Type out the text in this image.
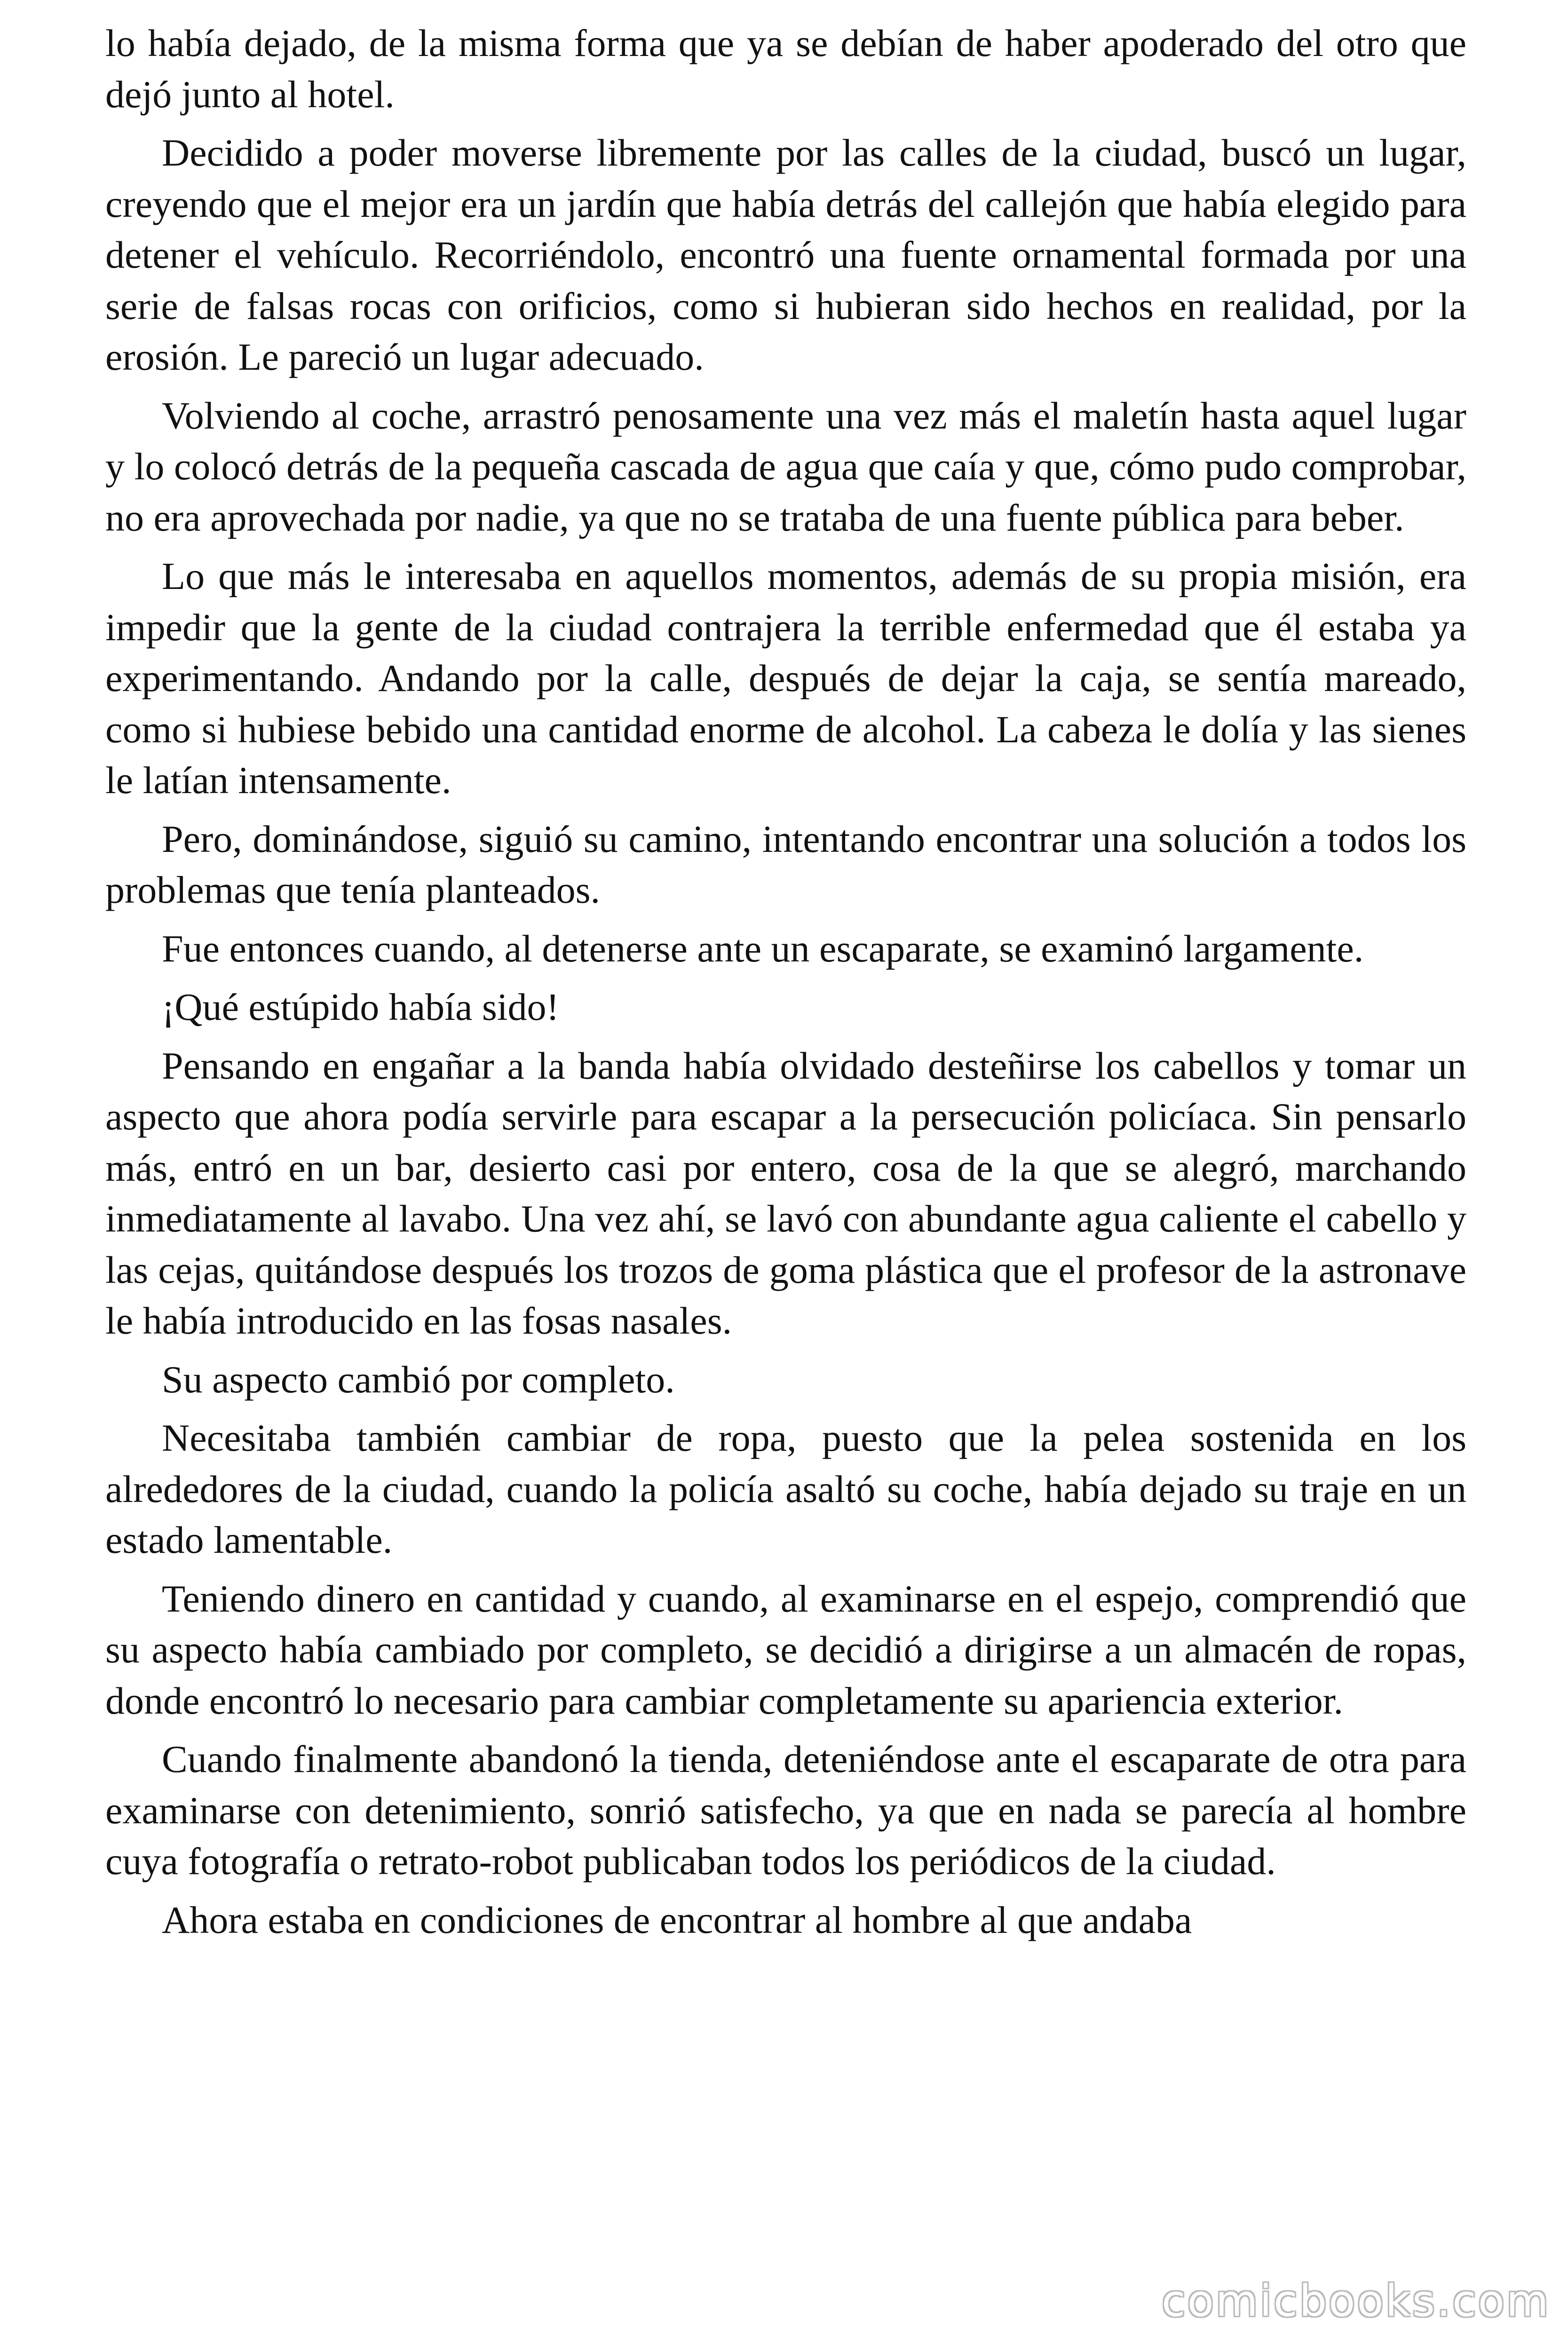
lo había dejado, de la misma forma que ya se debían de haber apoderado del otro que dejó junto al hotel.

Decidido a poder moverse libremente por las calles de la ciudad, buscó un lugar, creyendo que el mejor era un jardín que había detrás del callejón que había elegido para detener el vehículo. Recorriéndolo, encontró una fuente ornamental formada por una serie de falsas rocas con orificios, como si hubieran sido hechos en realidad, por la erosión. Le pareció un lugar adecuado.

Volviendo al coche, arrastró penosamente una vez más el maletín hasta aquel lugar y lo colocó detrás de la pequeña cascada de agua que caía y que, cómo pudo comprobar, no era aprovechada por nadie, ya que no se trataba de una fuente pública para beber.

Lo que más le interesaba en aquellos momentos, además de su propia misión, era impedir que la gente de la ciudad contrajera la terrible enfermedad que él estaba ya experimentando. Andando por la calle, después de dejar la caja, se sentía mareado, como si hubiese bebido una cantidad enorme de alcohol. La cabeza le dolía y las sienes le latían intensamente.

Pero, dominándose, siguió su camino, intentando encontrar una solución a todos los problemas que tenía planteados.

Fue entonces cuando, al detenerse ante un escaparate, se examinó largamente.

¡Qué estúpido había sido!

Pensando en engañar a la banda había olvidado desteñirse los cabellos y tomar un aspecto que ahora podía servirle para escapar a la persecución policíaca. Sin pensarlo más, entró en un bar, desierto casi por entero, cosa de la que se alegró, marchando inmediatamente al lavabo. Una vez ahí, se lavó con abundante agua caliente el cabello y las cejas, quitándose después los trozos de goma plástica que el profesor de la astronave le había introducido en las fosas nasales.

Su aspecto cambió por completo.

Necesitaba también cambiar de ropa, puesto que la pelea sostenida en los alrededores de la ciudad, cuando la policía asaltó su coche, había dejado su traje en un estado lamentable.

Teniendo dinero en cantidad y cuando, al examinarse en el espejo, comprendió que su aspecto había cambiado por completo, se decidió a dirigirse a un almacén de ropas, donde encontró lo necesario para cambiar completamente su apariencia exterior.

Cuando finalmente abandonó la tienda, deteniéndose ante el escaparate de otra para examinarse con detenimiento, sonrió satisfecho, ya que en nada se parecía al hombre cuya fotografía o retrato-robot publicaban todos los periódicos de la ciudad.

Ahora estaba en condiciones de encontrar al hombre al que andaba

comicbooks.com
